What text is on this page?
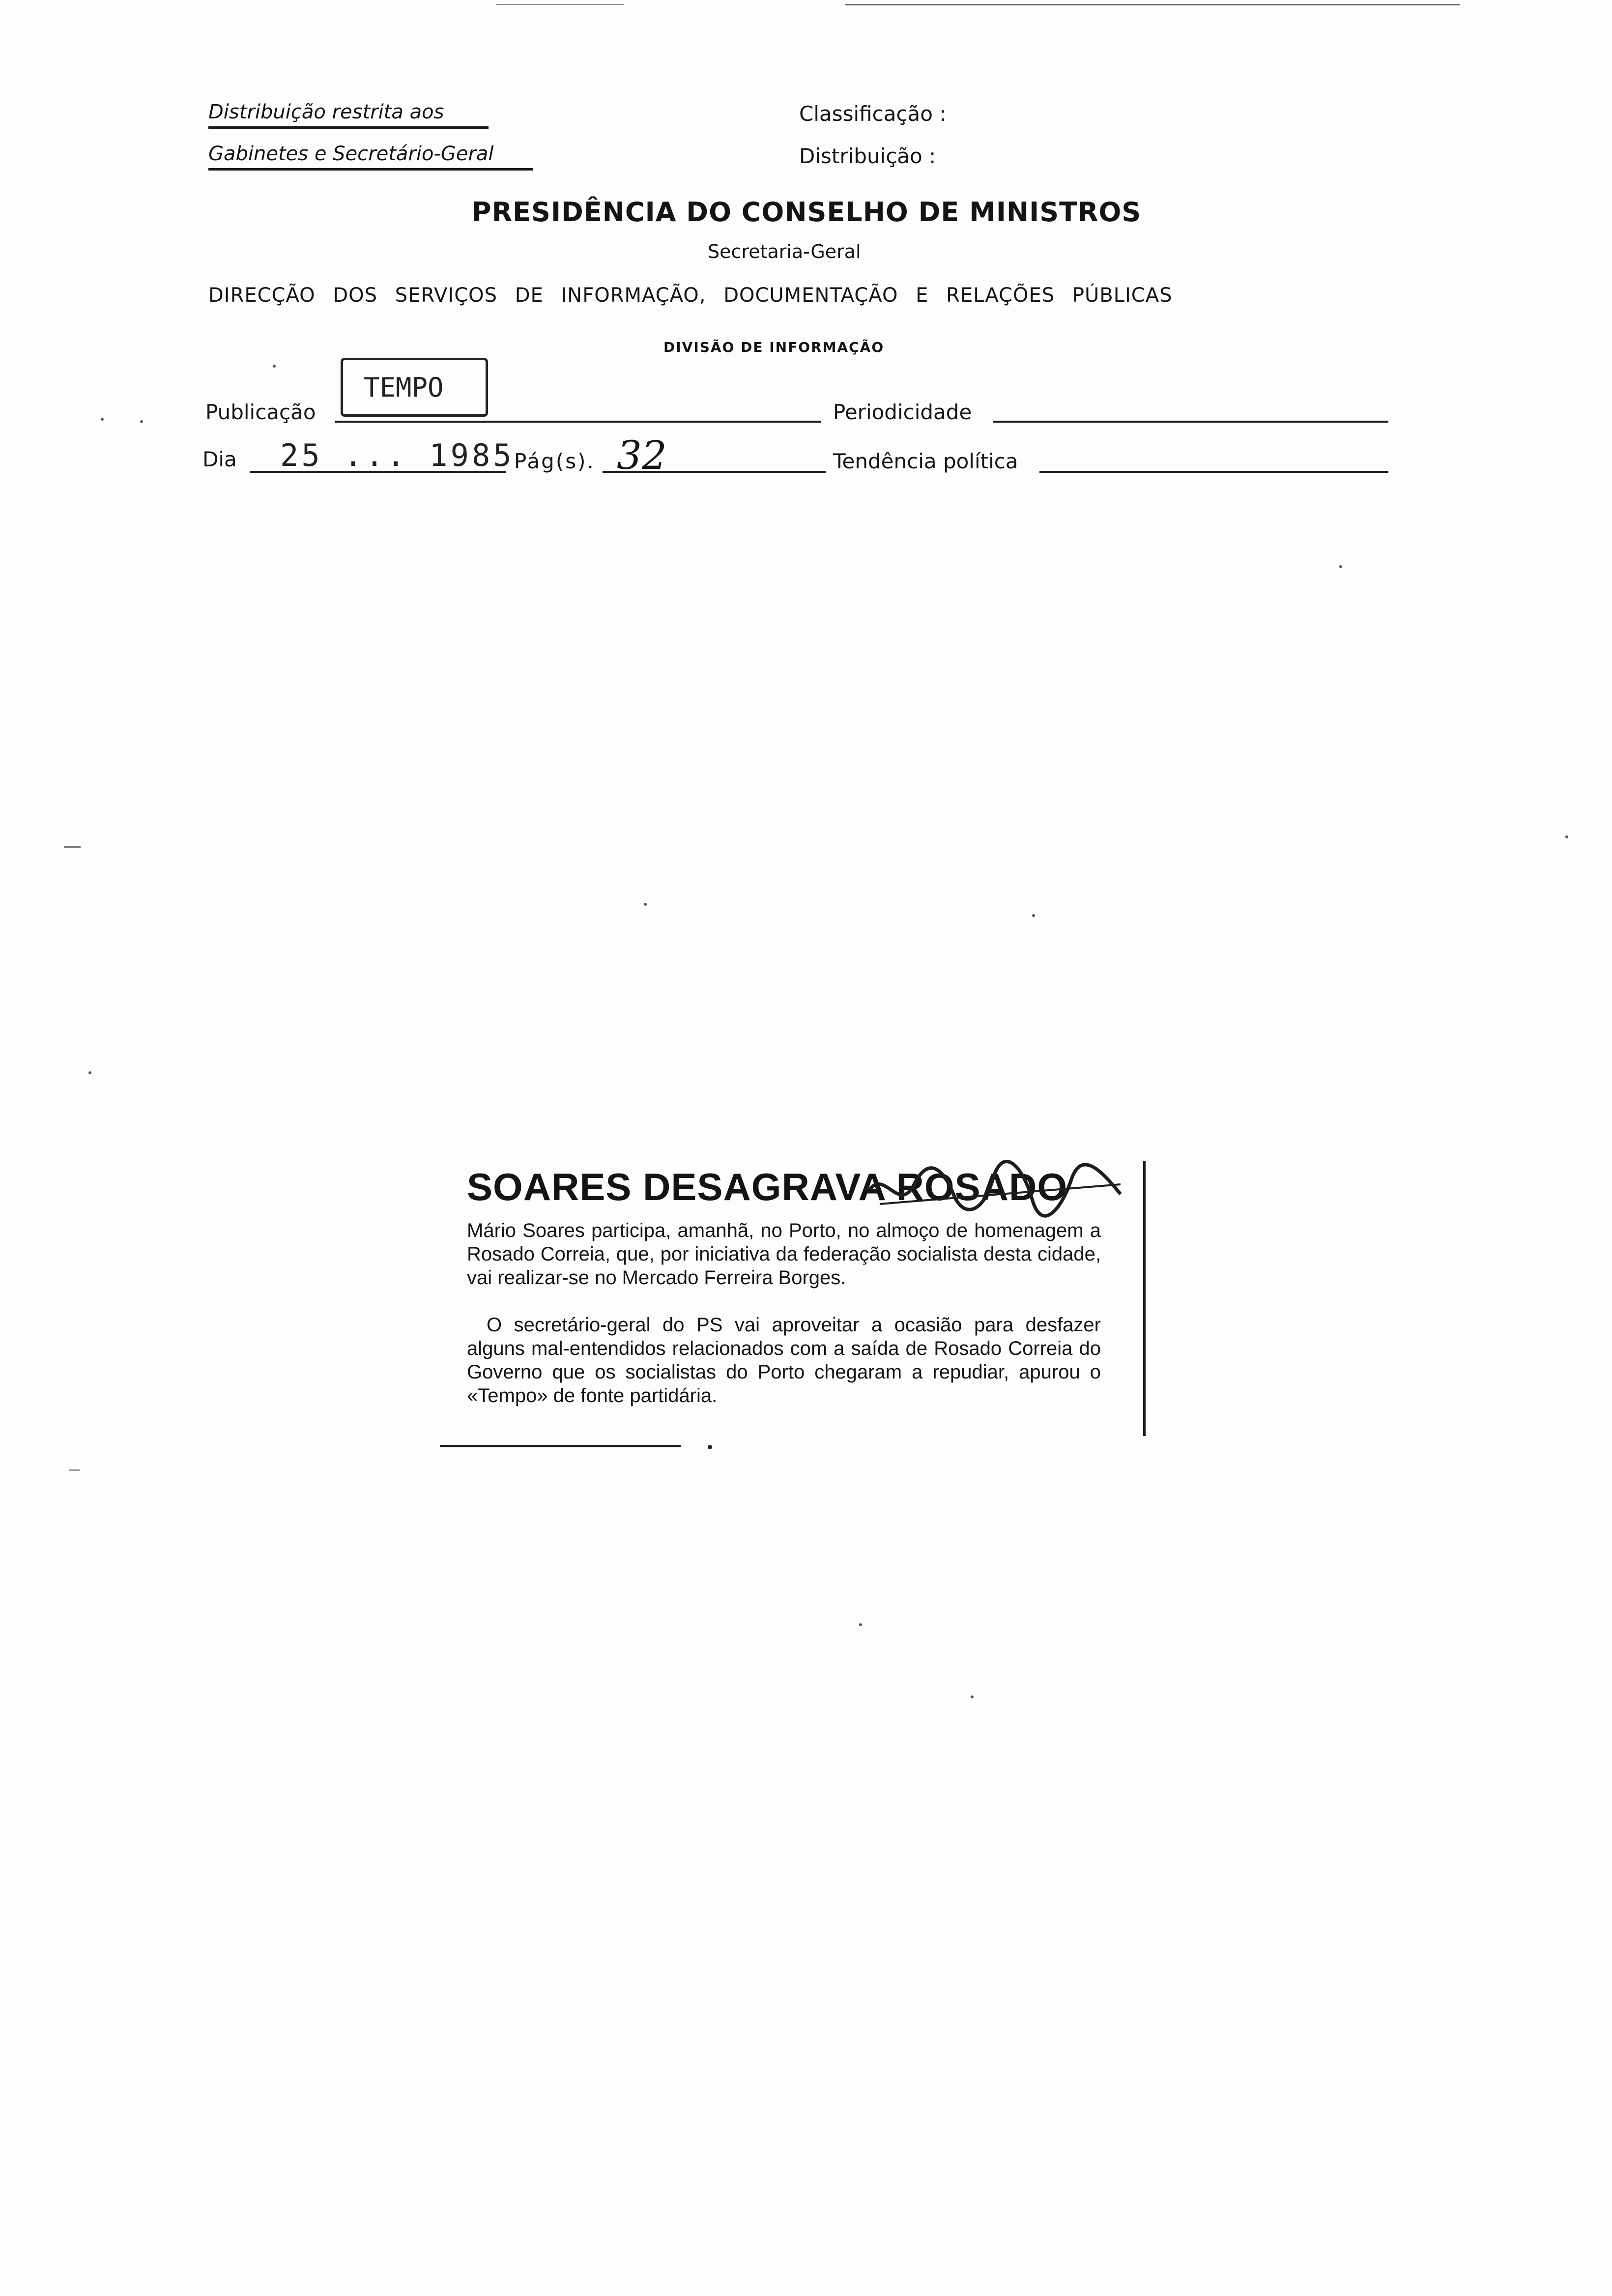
Distribuição restrita aos
Gabinetes e Secretário-Geral
Classificação :
Distribuição :
PRESIDÊNCIA DO CONSELHO DE MINISTROS
Secretaria-Geral
DIRECÇÃO DOS SERVIÇOS DE INFORMAÇÃO, DOCUMENTAÇÃO E RELAÇÕES PÚBLICAS
DIVISÃO DE INFORMAÇÃO
Publicação
TEMPO
Periodicidade
Dia 25 ... 1985 Pág(s). 32	Tendência política
SOARES DESAGRAVA ROSADO
Mário Soares participa, amanhã, no Porto, no almoço de homenagem a Rosado Correia, que, por iniciativa da federação socialista desta cidade, vai realizar-se no Mercado Ferreira Borges.
O secretário-geral do PS vai aproveitar a ocasião para desfazer alguns mal-entendidos relacionados com a saída de Rosado Correia do Governo que os socialistas do Porto chegaram a repudiar, apurou o «Tempo» de fonte partidária.
